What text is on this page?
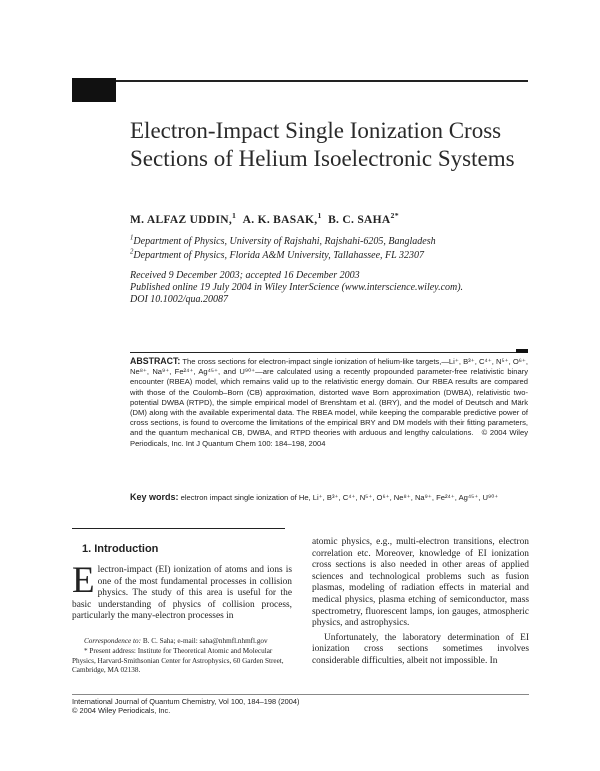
Electron-Impact Single Ionization Cross Sections of Helium Isoelectronic Systems
M. ALFAZ UDDIN,$^1$ A. K. BASAK,$^1$ B. C. $SAHA^{2*}$
$^1$Department of Physics, University of Rajshahi, Rajshahi-6205, Bangladesh
$^2$Department of Physics, Florida A&M University, Tallahassee, FL 32307
Received 9 December 2003; accepted 16 December 2003
Published online 19 July 2004 in Wiley InterScience (www.interscience.wiley.com).
DOI 10.1002/qua.20087
ABSTRACT: The cross sections for electron-impact single ionization of helium-like targets,—Li⁺, B³⁺, C⁴⁺, N⁵⁺, O⁶⁺, Ne⁸⁺, Na⁹⁺, Fe²⁴⁺, Ag⁴⁵⁺, and U⁹⁰⁺—are calculated using a recently propounded parameter-free relativistic binary encounter (RBEA) model, which remains valid up to the relativistic energy domain. Our RBEA results are compared with those of the Coulomb–Born (CB) approximation, distorted wave Born approximation (DWBA), relativistic two-potential DWBA (RTPD), the simple empirical model of Brenshtam et al. (BRY), and the model of Deutsch and Märk (DM) along with the available experimental data. The RBEA model, while keeping the comparable predictive power of cross sections, is found to overcome the limitations of the empirical BRY and DM models with their fitting parameters, and the quantum mechanical CB, DWBA, and RTPD theories with arduous and lengthy calculations. © 2004 Wiley Periodicals, Inc. Int J Quantum Chem 100: 184–198, 2004
Key words: electron impact single ionization of He, Li⁺, B³⁺, C⁴⁺, N⁵⁺, O⁶⁺, Ne⁸⁺, Na⁹⁺, Fe²⁴⁺, Ag⁴⁵⁺, U⁹⁰⁺
1. Introduction
Electron-impact (EI) ionization of atoms and ions is one of the most fundamental processes in collision physics. The study of this area is useful for the basic understanding of physics of collision process, particularly the many-electron processes in
Correspondence to: B. C. Saha; e-mail: saha@nhmfl.nhmfl.gov
* Present address: Institute for Theoretical Atomic and Molecular Physics, Harvard-Smithsonian Center for Astrophysics, 60 Garden Street, Cambridge, MA 02138.

atomic physics, e.g., multi-electron transitions, electron correlation etc. Moreover, knowledge of EI ionization cross sections is also needed in other areas of applied sciences and technological problems such as fusion plasmas, modeling of radiation effects in material and medical physics, plasma etching of semiconductor, mass spectrometry, fluorescent lamps, ion gauges, atmospheric physics, and astrophysics.

Unfortunately, the laboratory determination of EI ionization cross sections sometimes involves considerable difficulties, albeit not impossible. In

International Journal of Quantum Chemistry, Vol 100, 184–198 (2004)
© 2004 Wiley Periodicals, Inc.
